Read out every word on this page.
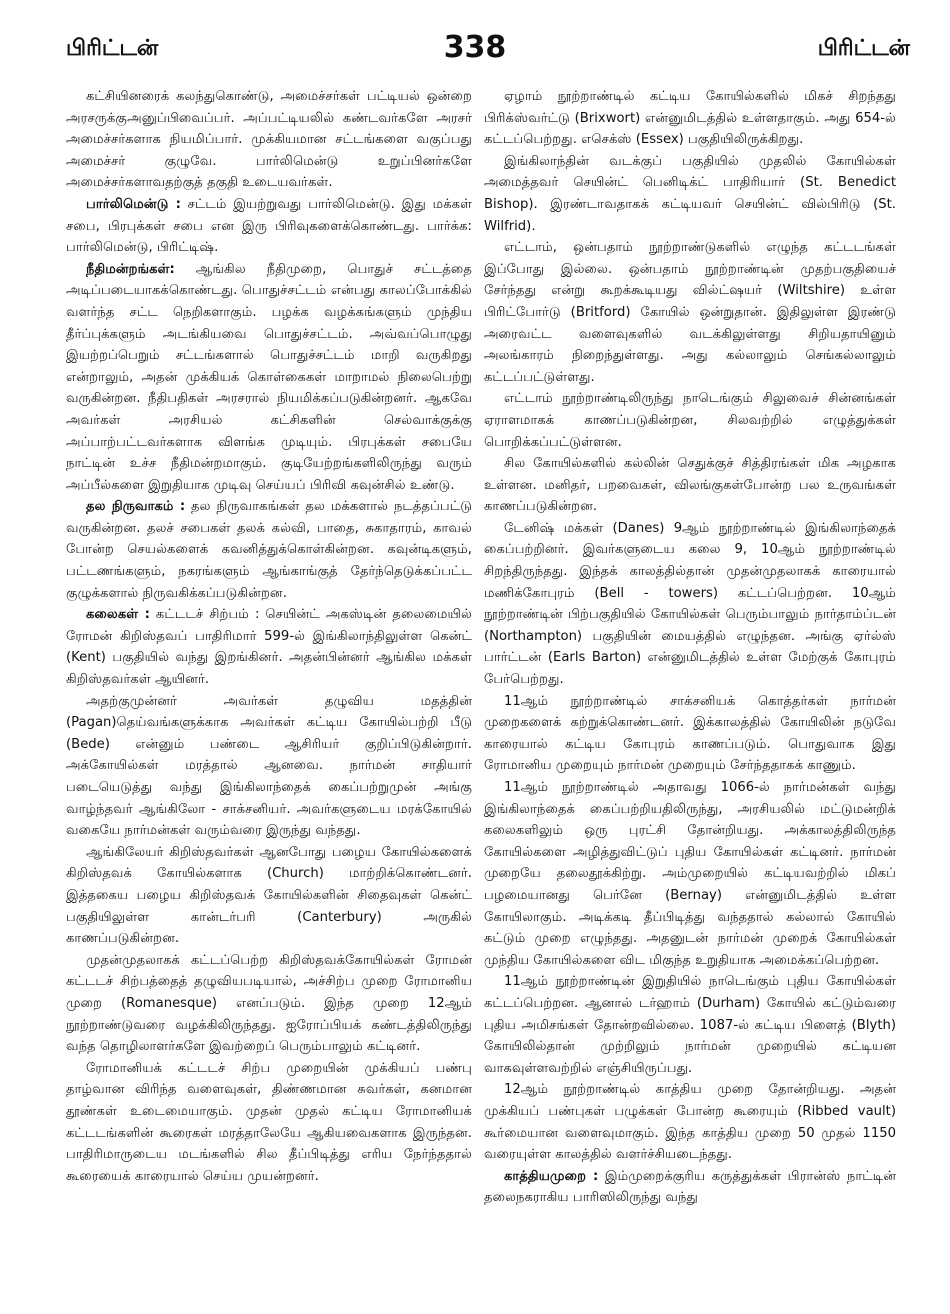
பிரிட்டன்	338	பிரிட்டன்

கட்சியினரைக் கலந்துகொண்டு, அமைச்சர்கள் பட்டியல் ஒன்றை அரசருக்குஅனுப்பிவைப்பர். அப்பட்டியலில் கண்டவர்களே அரசர் அமைச்சர்களாக நியமிப்பார். முக்கியமான சட்டங்களை வகுப்பது அமைச்சர் குழுவே. பார்லிமென்டு உறுப்பினர்களே அமைச்சர்களாவதற்குத் தகுதி உடையவர்கள்.

பார்லிமென்டு : சட்டம் இயற்றுவது பார்லிமென்டு. இது மக்கள் சபை, பிரபுக்கள் சபை என இரு பிரிவுகளைக்கொண்டது. பார்க்க: பார்லிமென்டு, பிரிட்டிஷ்.

நீதிமன்றங்கள்: ஆங்கில நீதிமுறை, பொதுச் சட்டத்தை அடிப்படையாகக்கொண்டது. பொதுச்சட்டம் என்பது காலப்போக்கில் வளர்ந்த சட்ட நெறிகளாகும். பழக்க வழக்கங்களும் முந்திய தீர்ப்புக்களும் அடங்கியவை பொதுச்சட்டம். அவ்வப்பொழுது இயற்றப்பெறும் சட்டங்களால் பொதுச்சட்டம் மாறி வருகிறது என்றாலும், அதன் முக்கியக் கொள்கைகள் மாறாமல் நிலைபெற்று வருகின்றன. நீதிபதிகள் அரசரால் நியமிக்கப்படுகின்றனர். ஆகவே அவர்கள் அரசியல் கட்சிகளின் செல்வாக்குக்கு அப்பாற்பட்டவர்களாக விளங்க முடியும். பிரபுக்கள் சபையே நாட்டின் உச்ச நீதிமன்றமாகும். குடியேற்றங்களிலிருந்து வரும் அப்பீல்களை இறுதியாக முடிவு செய்யப் பிரிவி கவுன்சில் உண்டு.

தல நிருவாகம் : தல நிருவாகங்கள் தல மக்களால் நடத்தப்பட்டு வருகின்றன. தலச் சபைகள் தலக் கல்வி, பாதை, சுகாதாரம், காவல் போன்ற செயல்களைக் கவனித்துக்கொள்கின்றன. கவுன்டிகளும், பட்டணங்களும், நகரங்களும் ஆங்காங்குத் தேர்ந்தெடுக்கப்பட்ட குழுக்களால் நிருவகிக்கப்படுகின்றன.

கலைகள் : கட்டடச் சிற்பம் : செயின்ட் அகஸ்டின் தலைமையில் ரோமன் கிறிஸ்தவப் பாதிரிமார் 599-ல் இங்கிலாந்திலுள்ள கென்ட் (Kent) பகுதியில் வந்து இறங்கினர். அதன்பின்னர் ஆங்கில மக்கள் கிறிஸ்தவர்கள் ஆயினர்.

அதற்குமுன்னர் அவர்கள் தழுவிய மதத்தின் (Pagan)தெய்வங்களுக்காக அவர்கள் கட்டிய கோயில்பற்றி பீடு (Bede) என்னும் பண்டை ஆசிரியர் குறிப்பிடுகின்றார். அக்கோயில்கள் மரத்தால் ஆனவை. நார்மன் சாதியார் படையெடுத்து வந்து இங்கிலாந்தைக் கைப்பற்றுமுன் அங்கு வாழ்ந்தவர் ஆங்கிலோ - சாக்சனியர். அவர்களுடைய மரக்கோயில் வகையே நார்மன்கள் வரும்வரை இருந்து வந்தது.

ஆங்கிலேயர் கிறிஸ்தவர்கள் ஆனபோது பழைய கோயில்களைக் கிறிஸ்தவக் கோயில்களாக (Church) மாற்றிக்கொண்டனர். இத்தகைய பழைய கிறிஸ்தவக் கோயில்களின் சிதைவுகள் கென்ட் பகுதியிலுள்ள கான்டர்பரி (Canterbury) அருகில் காணப்படுகின்றன.

முதன்முதலாகக் கட்டப்பெற்ற கிறிஸ்தவக்கோயில்கள் ரோமன் கட்டடச் சிற்பத்தைத் தழுவியபடியால், அச்சிற்ப முறை ரோமானிய முறை (Romanesque) எனப்படும். இந்த முறை 12ஆம் நூற்றாண்டுவரை வழக்கிலிருந்தது. ஐரோப்பியக் கண்டத்திலிருந்து வந்த தொழிலாளர்களே இவற்றைப் பெரும்பாலும் கட்டினர்.

ரோமானியக் கட்டடச் சிற்ப முறையின் முக்கியப் பண்பு தாழ்வான விரிந்த வளைவுகள், திண்ணமான சுவர்கள், கனமான தூண்கள் உடைமையாகும். முதன் முதல் கட்டிய ரோமானியக் கட்டடங்களின் கூரைகள் மரத்தாலேயே ஆகியவைகளாக இருந்தன. பாதிரிமாருடைய மடங்களில் சில தீப்பிடித்து எரிய நேர்ந்ததால் கூரையைக் காரையால் செய்ய முயன்றனர்.

ஏழாம் நூற்றாண்டில் கட்டிய கோயில்களில் மிகச் சிறந்தது பிரிக்ஸ்வர்ட்டு (Brixwort) என்னுமிடத்தில் உள்ளதாகும். அது 654-ல் கட்டப்பெற்றது. எசெக்ஸ் (Essex) பகுதியிலிருக்கிறது.

இங்கிலாந்தின் வடக்குப் பகுதியில் முதலில் கோயில்கள் அமைத்தவர் செயின்ட் பெனிடிக்ட் பாதிரியார் (St. Benedict Bishop). இரண்டாவதாகக் கட்டியவர் செயின்ட் வில்பிரிடு (St. Wilfrid).

எட்டாம், ஒன்பதாம் நூற்றாண்டுகளில் எழுந்த கட்டடங்கள் இப்போது இல்லை. ஒன்பதாம் நூற்றாண்டின் முதற்பகுதியைச் சேர்ந்தது என்று கூறக்கூடியது வில்ட்ஷயர் (Wiltshire) உள்ள பிரிட்போர்டு (Britford) கோயில் ஒன்றுதான். இதிலுள்ள இரண்டு அரைவட்ட வளைவுகளில் வடக்கிலுள்ளது சிறியதாயினும் அலங்காரம் நிறைந்துள்ளது. அது கல்லாலும் செங்கல்லாலும் கட்டப்பட்டுள்ளது.

எட்டாம் நூற்றாண்டிலிருந்து நாடெங்கும் சிலுவைச் சின்னங்கள் ஏராளமாகக் காணப்படுகின்றன, சிலவற்றில் எழுத்துக்கள் பொறிக்கப்பட்டுள்ளன.

சில கோயில்களில் கல்லின் செதுக்குச் சித்திரங்கள் மிக அழகாக உள்ளன. மனிதர், பறவைகள், விலங்குகள்போன்ற பல உருவங்கள் காணப்படுகின்றன.

டேனிஷ் மக்கள் (Danes) 9ஆம் நூற்றாண்டில் இங்கிலாந்தைக் கைப்பற்றினர். இவர்களுடைய கலை 9, 10ஆம் நூற்றாண்டில் சிறந்திருந்தது. இந்தக் காலத்தில்தான் முதன்முதலாகக் காரையால் மணிக்கோபுரம் (Bell - towers) கட்டப்பெற்றன. 10ஆம் நூற்றாண்டின் பிற்பகுதியில் கோயில்கள் பெரும்பாலும் நார்தாம்ப்டன் (Northampton) பகுதியின் மையத்தில் எழுந்தன. அங்கு ஏர்ல்ஸ் பார்ட்டன் (Earls Barton) என்னுமிடத்தில் உள்ள மேற்குக் கோபுரம் பேர்பெற்றது.

11ஆம் நூற்றாண்டில் சாக்சனியக் கொத்தர்கள் நார்மன் முறைகளைக் கற்றுக்கொண்டனர். இக்காலத்தில் கோயிலின் நடுவே காரையால் கட்டிய கோபுரம் காணப்படும். பொதுவாக இது ரோமானிய முறையும் நார்மன் முறையும் சேர்ந்ததாகக் காணும்.

11ஆம் நூற்றாண்டில் அதாவது 1066-ல் நார்மன்கள் வந்து இங்கிலாந்தைக் கைப்பற்றியதிலிருந்து, அரசியலில் மட்டுமன்றிக் கலைகளிலும் ஒரு புரட்சி தோன்றியது. அக்காலத்திலிருந்த கோயில்களை அழித்துவிட்டுப் புதிய கோயில்கள் கட்டினர். நார்மன் முறையே தலைதூக்கிற்று. அம்முறையில் கட்டியவற்றில் மிகப் பழமையானது பெர்னே (Bernay) என்னுமிடத்தில் உள்ள கோயிலாகும். அடிக்கடி தீப்பிடித்து வந்ததால் கல்லால் கோயில் கட்டும் முறை எழுந்தது. அதனுடன் நார்மன் முறைக் கோயில்கள் முந்திய கோயில்களை விட மிகுந்த உறுதியாக அமைக்கப்பெற்றன.

11ஆம் நூற்றாண்டின் இறுதியில் நாடெங்கும் புதிய கோயில்கள் கட்டப்பெற்றன. ஆனால் டர்ஹாம் (Durham) கோயில் கட்டும்வரை புதிய அமிசங்கள் தோன்றவில்லை. 1087-ல் கட்டிய பிளைத் (Blyth) கோயிலில்தான் முற்றிலும் நார்மன் முறையில் கட்டியன வாகவுள்ளவற்றில் எஞ்சியிருப்பது.

12ஆம் நூற்றாண்டில் காத்திய முறை தோன்றியது. அதன் முக்கியப் பண்புகள் பழுக்கள் போன்ற கூரையும் (Ribbed vault) கூர்மையான வளைவுமாகும். இந்த காத்திய முறை 50 முதல் 1150 வரையுள்ள காலத்தில் வளர்ச்சியடைந்தது.

காத்தியமுறை : இம்முறைக்குரிய கருத்துக்கள் பிரான்ஸ் நாட்டின் தலைநகராகிய பாரிஸிலிருந்து வந்து
